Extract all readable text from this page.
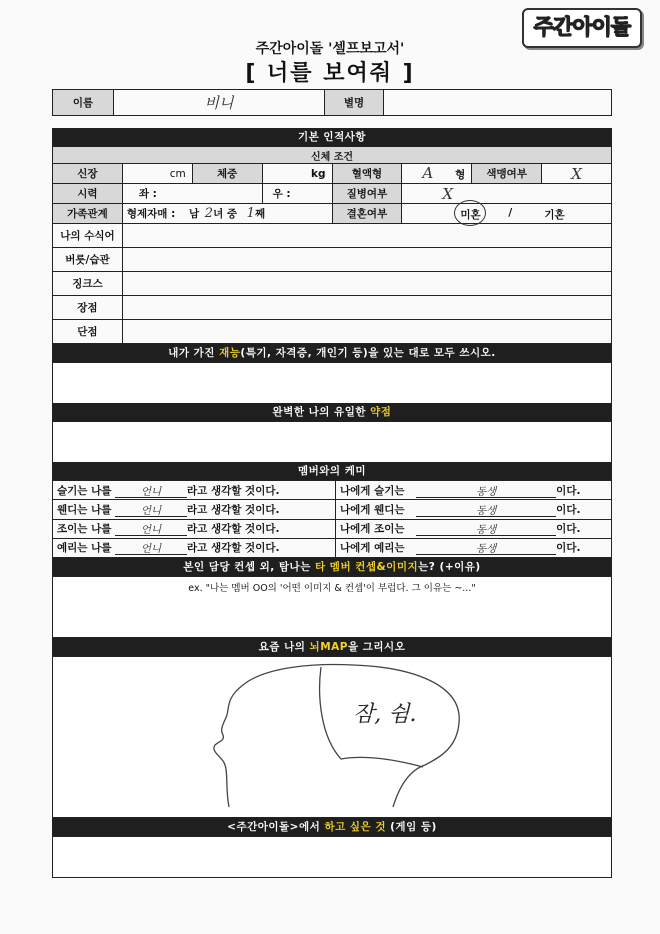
주간아이돌
주간아이돌 '셀프보고서'
[ 너를 보여줘 ]
이름	비니	별명	
기본 인적사항
신체 조건							
신장	cm	체중	kg	혈액형	A 형	색맹여부	X
시력	좌 :		우 :	질병여부	X		
가족관계	형제자매 : 남 2녀 중 1째			결혼여부	미혼 / 기혼		

나의 수식어							
버릇/습관							
징크스							
장점							
단점							
내가 가진 재능(특기, 자격증, 개인기 등)을 있는 대로 모두 쓰시오.
완벽한 나의 유일한 약점
멤버와의 케미
슬기는 나를 언니 라고 생각할 것이다.	나에게 슬기는 동생 이다.
웬디는 나를 언니 라고 생각할 것이다.	나에게 웬디는 동생 이다.
조이는 나를 언니 라고 생각할 것이다.	나에게 조이는 동생 이다.
예리는 나를 언니 라고 생각할 것이다.	나에게 예리는 동생 이다.
본인 담당 컨셉 외, 탐나는 타 멤버 컨셉&이미지는? (+이유)
ex. "나는 멤버 OO의 '어떤 이미지 & 컨셉'이 부럽다. 그 이유는 ~..."
요즘 나의 뇌MAP을 그리시오
잠, 쉼.
<주간아이돌>에서 하고 싶은 것 (게임 등)
